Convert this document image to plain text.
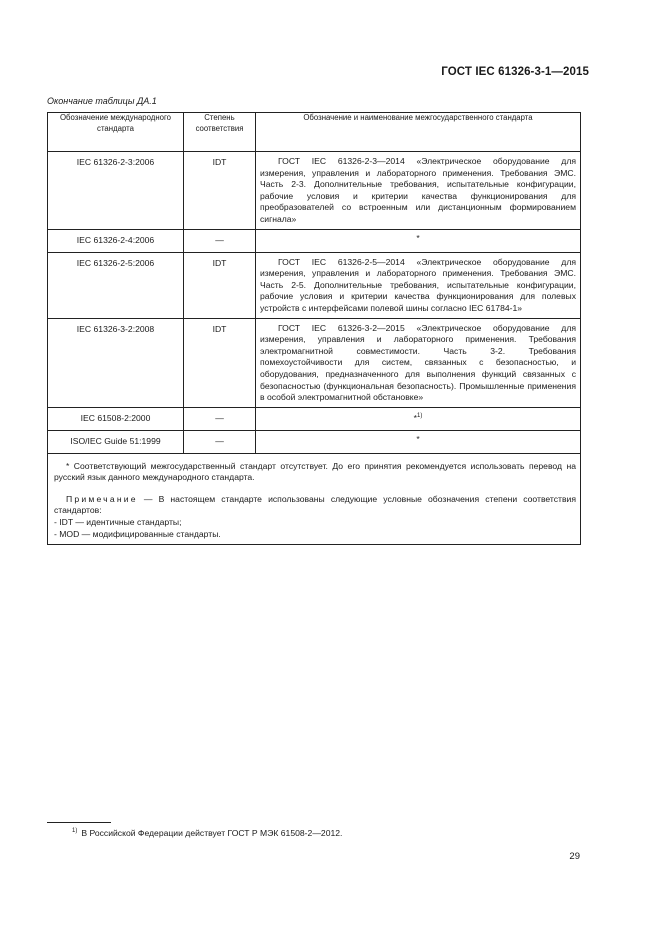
ГОСТ IEC 61326-3-1—2015
Окончание таблицы ДА.1
Обозначение международного стандарта	Степень соответствия	Обозначение и наименование межгосударственного стандарта

IEC 61326-2-3:2006	IDT	ГОСТ IEC 61326-2-3—2014 «Электрическое оборудование для измерения, управления и лабораторного применения. Требования ЭМС. Часть 2-3. Дополнительные требования, испытательные конфигурации, рабочие условия и критерии качества функционирования для преобразователей со встроенным или дистанционным формированием сигнала»

IEC 61326-2-4:2006	—	*
IEC 61326-2-5:2006	IDT	ГОСТ IEC 61326-2-5—2014 «Электрическое оборудование для измерения, управления и лабораторного применения. Требования ЭМС. Часть 2-5. Дополнительные требования, испытательные конфигурации, рабочие условия и критерии качества функционирования для полевых устройств с интерфейсами полевой шины согласно IEC 61784-1»

IEC 61326-3-2:2008	IDT	ГОСТ IEC 61326-3-2—2015 «Электрическое оборудование для измерения, управления и лабораторного применения. Требования электромагнитной совместимости. Часть 3-2. Требования помехоустойчивости для систем, связанных с безопасностью, и оборудования, предназначенного для выполнения функций связанных с безопасностью (функциональная безопасность). Промышленные применения в особой электромагнитной обстановке»

IEC 61508-2:2000	—	*$^{1)}$
ISO/IEC Guide 51:1999	—	*

* Соответствующий межгосударственный стандарт отсутствует. До его принятия рекомендуется использовать перевод на русский язык данного международного стандарта.
Примечание — В настоящем стандарте использованы следующие условные обозначения степени соответствия стандартов:
- IDT — идентичные стандарты;
- MOD — модифицированные стандарты.		
$^{1)}$ В Российской Федерации действует ГОСТ Р МЭК 61508-2—2012.
29
